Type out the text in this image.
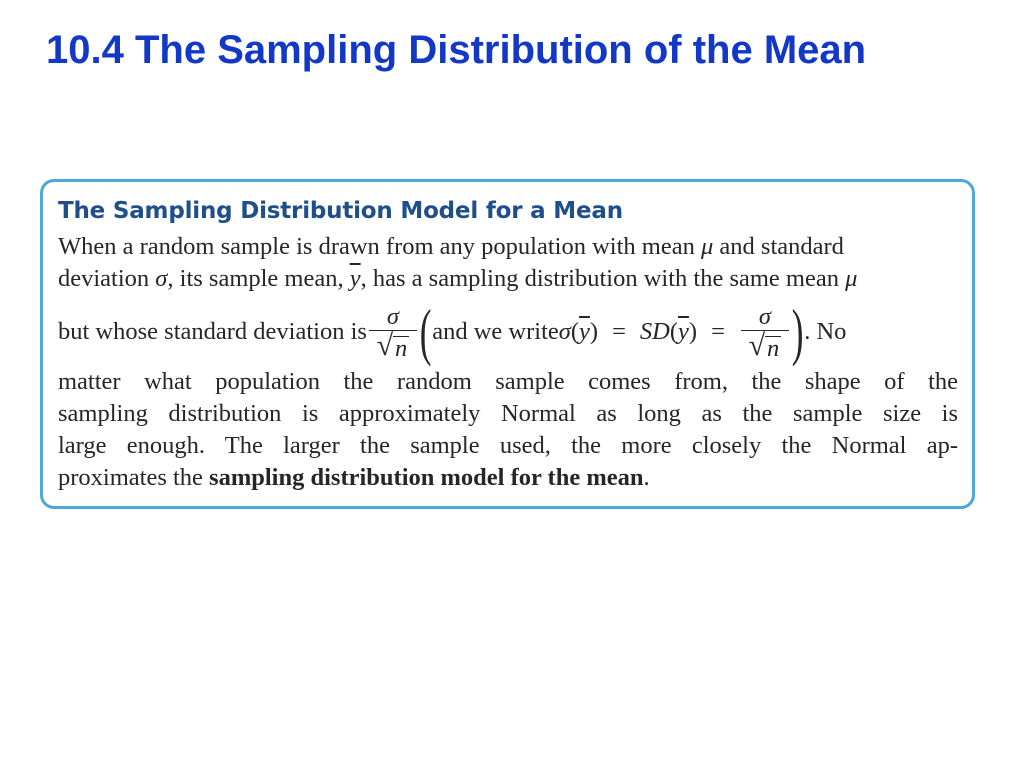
10.4 The Sampling Distribution of the Mean
The Sampling Distribution Model for a Mean
When a random sample is drawn from any population with mean μ and standard
deviation σ, its sample mean, $\overline{y}$, has a sampling distribution with the same mean μ
but whose standard deviation is $\frac{\sigma}{√ n}$ ( and we write σ ( $\overline{y}$ ) = SD ( $\overline{y}$ ) = $\frac{\sigma}{√ n}$ ) . No
matter what population the random sample comes from, the shape of the
sampling distribution is approximately Normal as long as the sample size is
large enough. The larger the sample used, the more closely the Normal ap-
proximates the sampling distribution model for the mean.
